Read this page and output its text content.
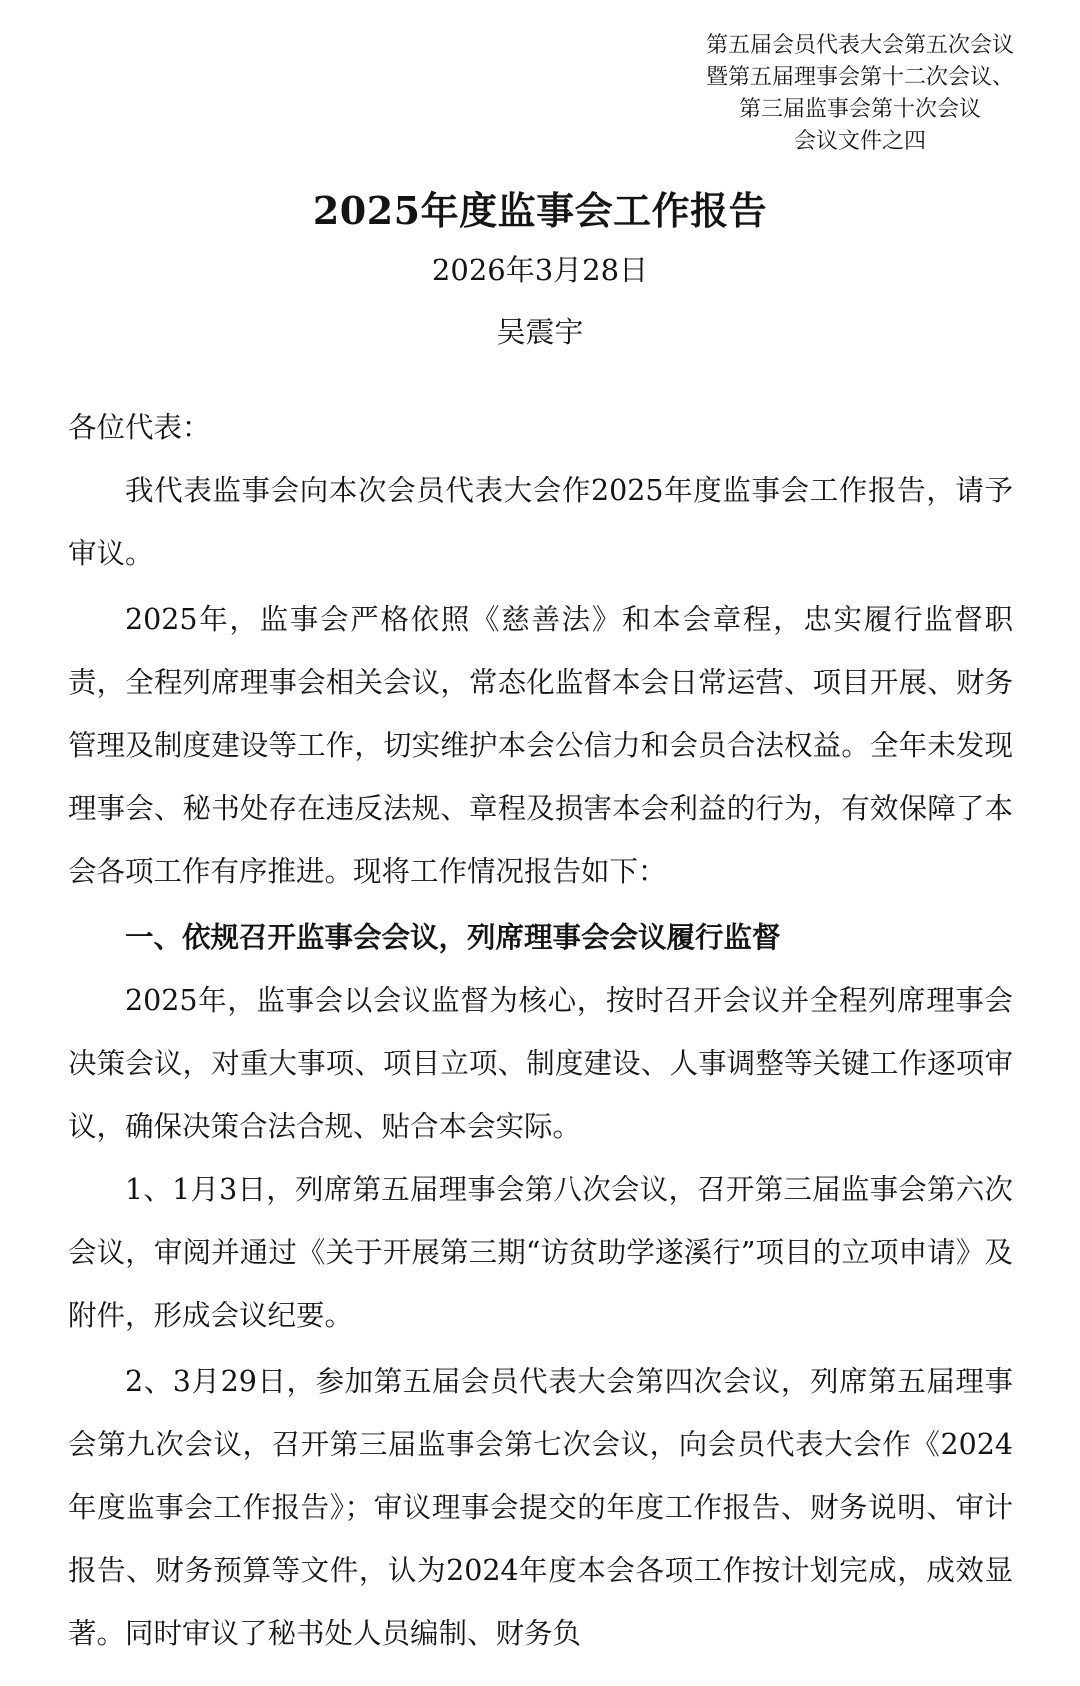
第五届会员代表大会第五次会议
暨第五届理事会第十二次会议、
第三届监事会第十次会议
会议文件之四
2025年度监事会工作报告
2026年3月28日
吴震宇

各位代表：

我代表监事会向本次会员代表大会作2025年度监事会工作报告，请予审议。

2025年，监事会严格依照《慈善法》和本会章程，忠实履行监督职责，全程列席理事会相关会议，常态化监督本会日常运营、项目开展、财务管理及制度建设等工作，切实维护本会公信力和会员合法权益。全年未发现理事会、秘书处存在违反法规、章程及损害本会利益的行为，有效保障了本会各项工作有序推进。现将工作情况报告如下：

一、依规召开监事会会议，列席理事会会议履行监督

2025年，监事会以会议监督为核心，按时召开会议并全程列席理事会决策会议，对重大事项、项目立项、制度建设、人事调整等关键工作逐项审议，确保决策合法合规、贴合本会实际。

1、1月3日，列席第五届理事会第八次会议，召开第三届监事会第六次会议，审阅并通过《关于开展第三期“访贫助学遂溪行”项目的立项申请》及附件，形成会议纪要。

2、3月29日，参加第五届会员代表大会第四次会议，列席第五届理事会第九次会议，召开第三届监事会第七次会议，向会员代表大会作《2024年度监事会工作报告》；审议理事会提交的年度工作报告、财务说明、审计报告、财务预算等文件，认为2024年度本会各项工作按计划完成，成效显著。同时审议了秘书处人员编制、财务负
